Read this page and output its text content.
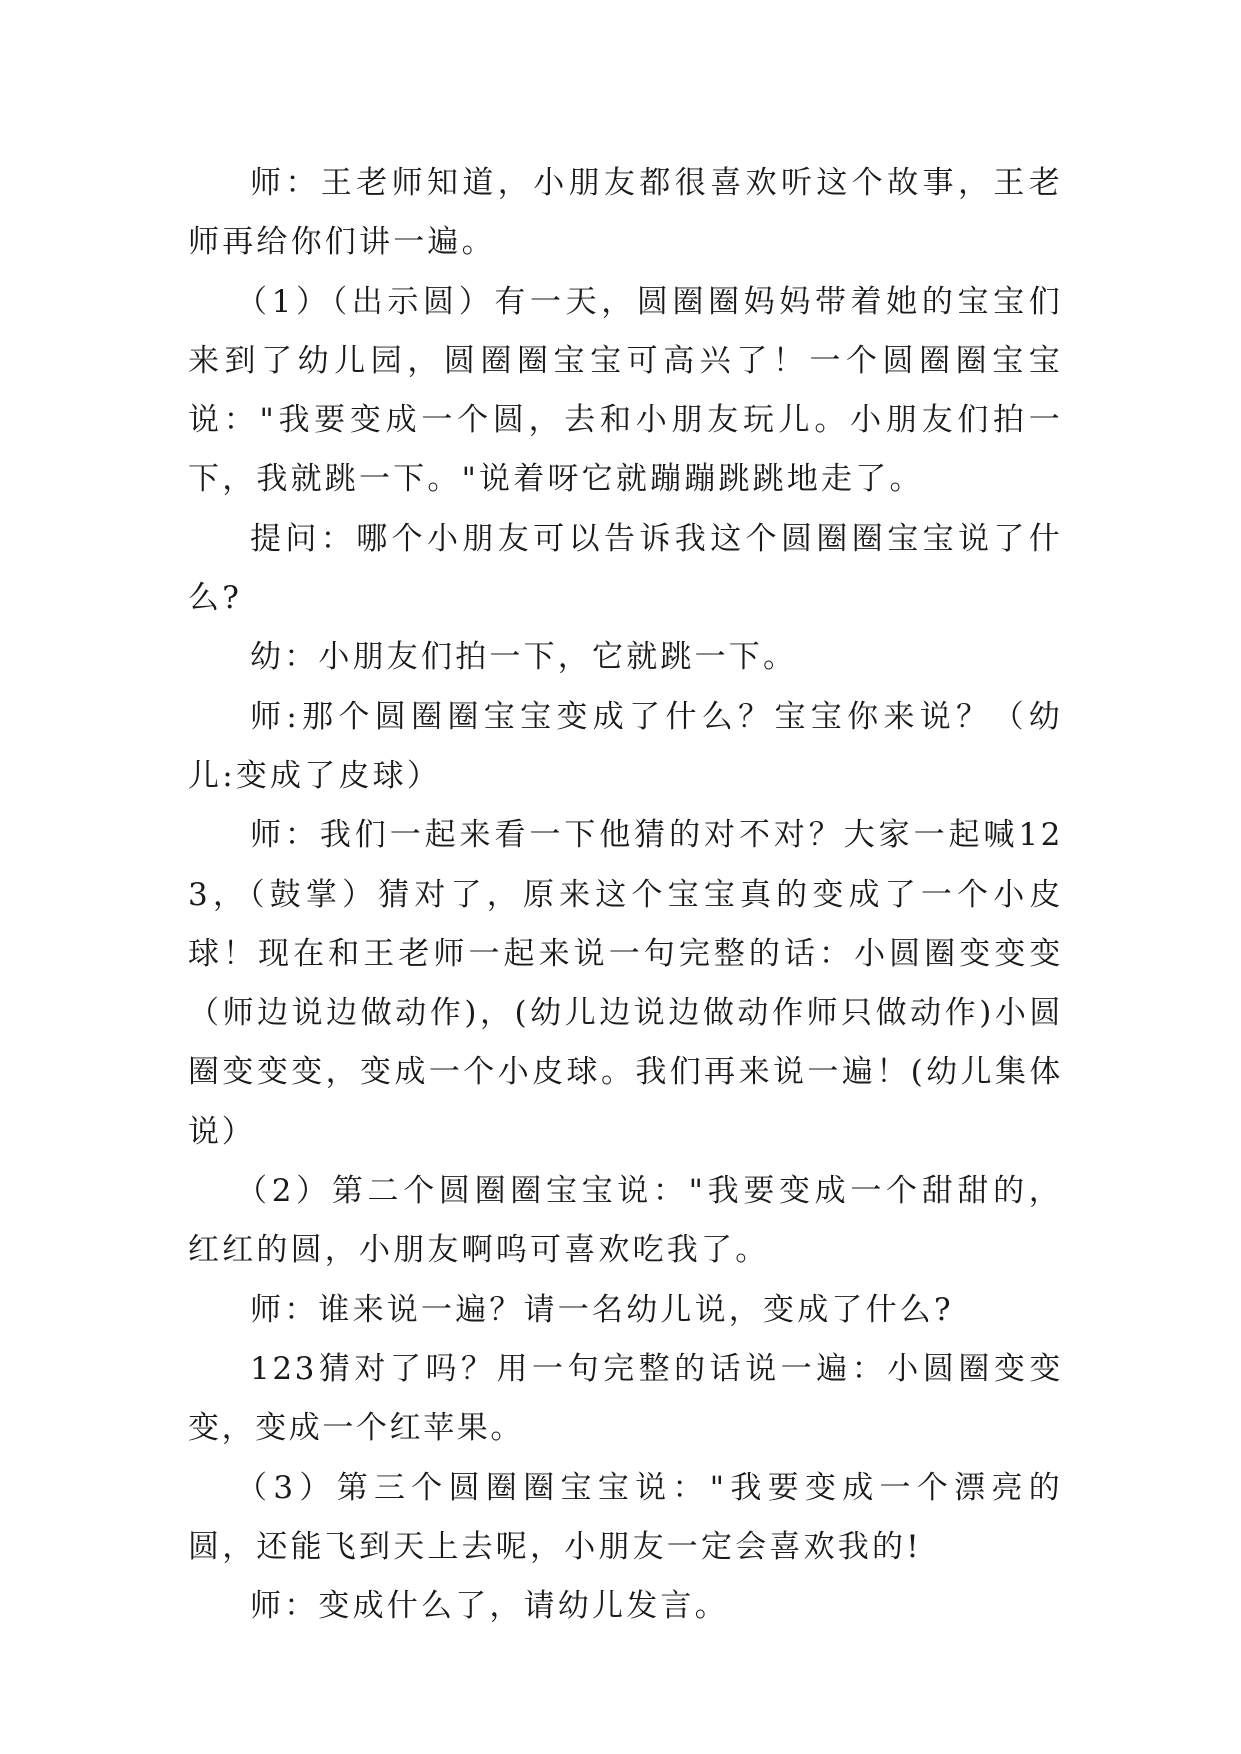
师：王老师知道，小朋友都很喜欢听这个故事，王老师再给你们讲一遍。

（1）（出示圆）有一天，圆圈圈妈妈带着她的宝宝们来到了幼儿园，圆圈圈宝宝可高兴了！一个圆圈圈宝宝说："我要变成一个圆，去和小朋友玩儿。小朋友们拍一下，我就跳一下。"说着呀它就蹦蹦跳跳地走了。

提问：哪个小朋友可以告诉我这个圆圈圈宝宝说了什么?

幼：小朋友们拍一下，它就跳一下。

师:那个圆圈圈宝宝变成了什么？宝宝你来说？（幼儿:变成了皮球）

师：我们一起来看一下他猜的对不对？大家一起喊123，（鼓掌）猜对了，原来这个宝宝真的变成了一个小皮球！现在和王老师一起来说一句完整的话：小圆圈变变变（师边说边做动作)，(幼儿边说边做动作师只做动作)小圆圈变变变，变成一个小皮球。我们再来说一遍！(幼儿集体说）

（2）第二个圆圈圈宝宝说："我要变成一个甜甜的，红红的圆，小朋友啊呜可喜欢吃我了。

师：谁来说一遍？请一名幼儿说，变成了什么?

123猜对了吗？用一句完整的话说一遍：小圆圈变变变，变成一个红苹果。

（3）第三个圆圈圈宝宝说："我要变成一个漂亮的圆，还能飞到天上去呢，小朋友一定会喜欢我的!

师：变成什么了，请幼儿发言。
